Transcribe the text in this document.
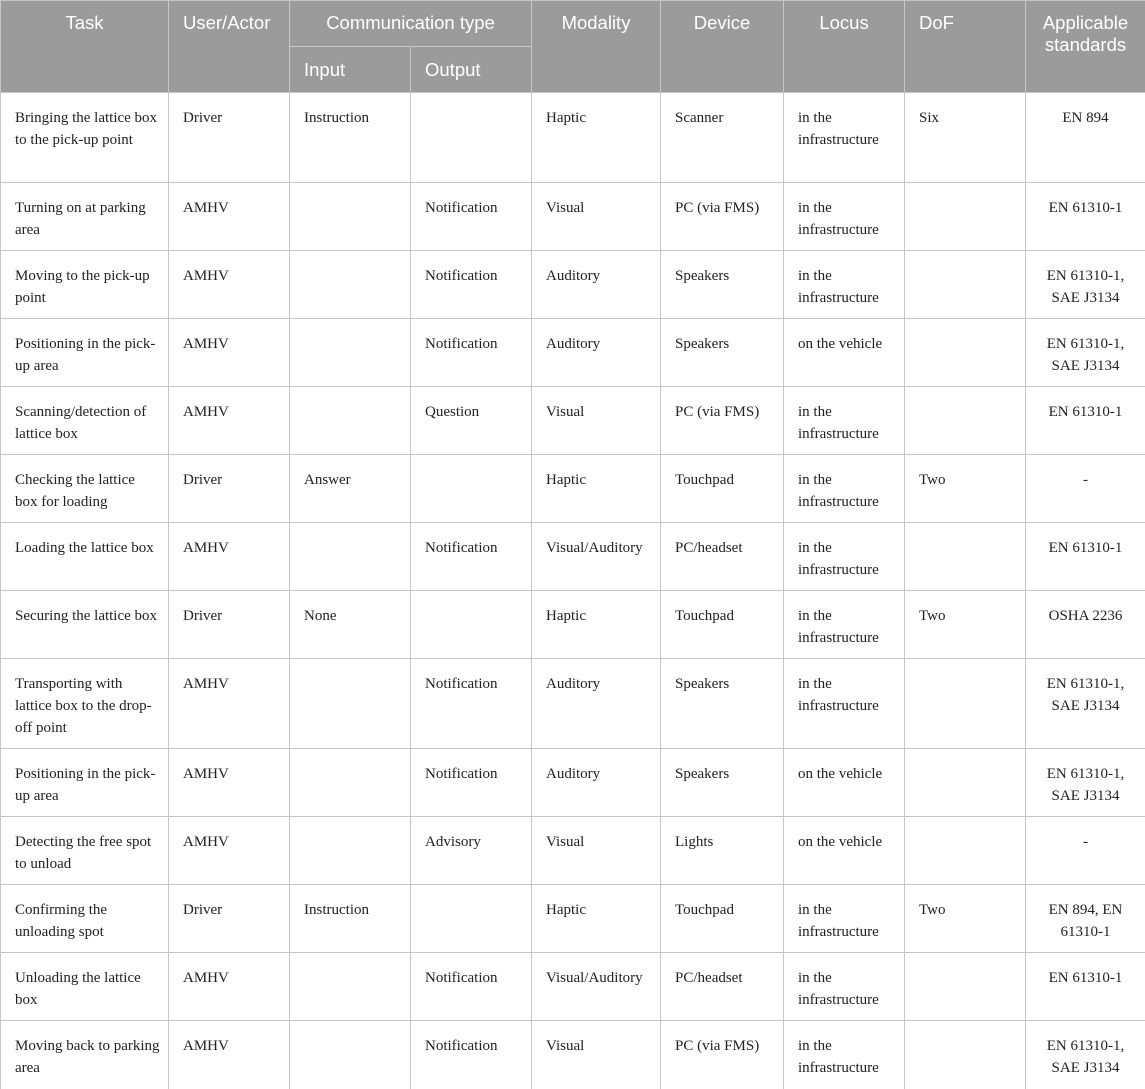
Task	User/Actor	Communication type		Modality	Device	Locus	DoF	Applicable standards
		Input	Output					
Bringing the lattice box to the pick-up point	Driver	Instruction		Haptic	Scanner	in the infrastructure	Six	EN 894
Turning on at parking area	AMHV		Notification	Visual	PC (via FMS)	in the infrastructure		EN 61310-1
Moving to the pick-up point	AMHV		Notification	Auditory	Speakers	in the infrastructure		EN 61310-1, SAE J3134
Positioning in the pick-up area	AMHV		Notification	Auditory	Speakers	on the vehicle		EN 61310-1, SAE J3134
Scanning/detection of lattice box	AMHV		Question	Visual	PC (via FMS)	in the infrastructure		EN 61310-1
Checking the lattice box for loading	Driver	Answer		Haptic	Touchpad	in the infrastructure	Two	-
Loading the lattice box	AMHV		Notification	Visual/Auditory	PC/headset	in the infrastructure		EN 61310-1
Securing the lattice box	Driver	None		Haptic	Touchpad	in the infrastructure	Two	OSHA 2236
Transporting with lattice box to the drop-off point	AMHV		Notification	Auditory	Speakers	in the infrastructure		EN 61310-1, SAE J3134
Positioning in the pick-up area	AMHV		Notification	Auditory	Speakers	on the vehicle		EN 61310-1, SAE J3134
Detecting the free spot to unload	AMHV		Advisory	Visual	Lights	on the vehicle		-
Confirming the unloading spot	Driver	Instruction		Haptic	Touchpad	in the infrastructure	Two	EN 894, EN 61310-1
Unloading the lattice box	AMHV		Notification	Visual/Auditory	PC/headset	in the infrastructure		EN 61310-1
Moving back to parking area	AMHV		Notification	Visual	PC (via FMS)	in the infrastructure		EN 61310-1, SAE J3134
